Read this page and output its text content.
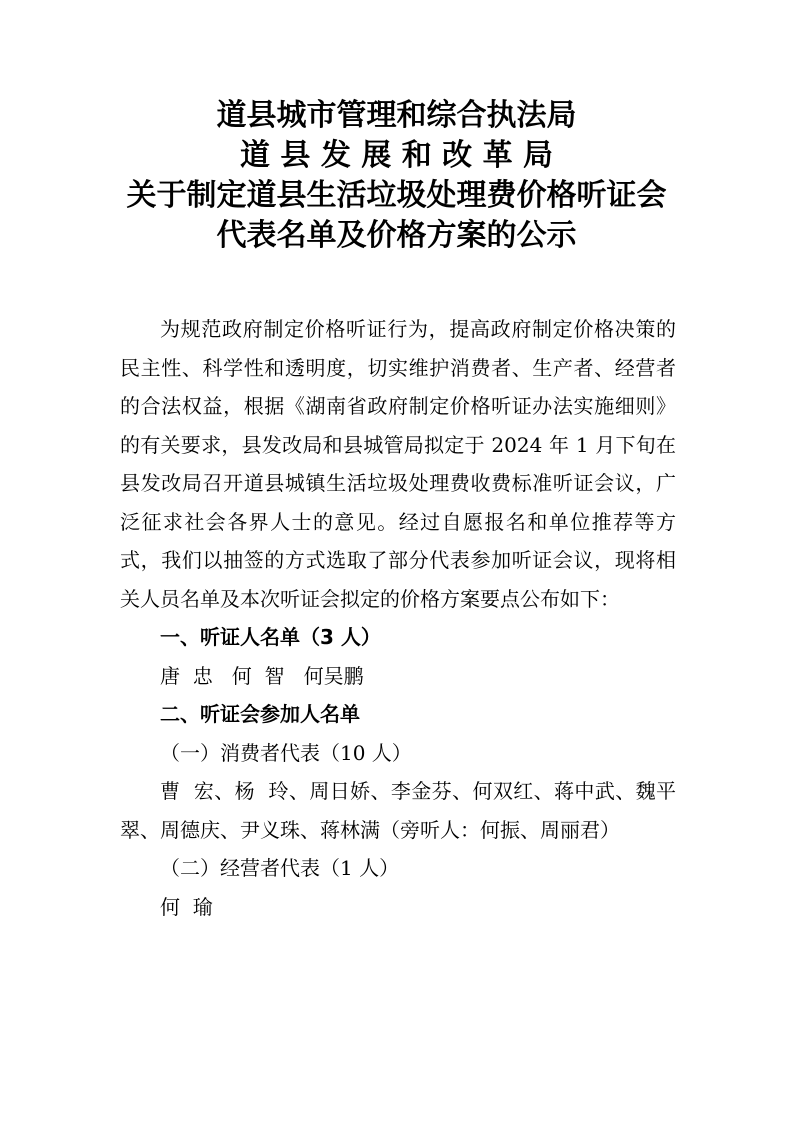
道县城市管理和综合执法局
道 县 发 展 和 改 革 局
关于制定道县生活垃圾处理费价格听证会
代表名单及价格方案的公示

为规范政府制定价格听证行为，提高政府制定价格决策的民主性、科学性和透明度，切实维护消费者、生产者、经营者的合法权益，根据《湖南省政府制定价格听证办法实施细则》的有关要求，县发改局和县城管局拟定于 2024 年 1 月下旬在县发改局召开道县城镇生活垃圾处理费收费标准听证会议，广泛征求社会各界人士的意见。经过自愿报名和单位推荐等方式，我们以抽签的方式选取了部分代表参加听证会议，现将相关人员名单及本次听证会拟定的价格方案要点公布如下：

一、听证人名单（3 人）

唐  忠   何  智   何吴鹏

二、听证会参加人名单

（一）消费者代表（10 人）

曹  宏、杨  玲、周日娇、李金芬、何双红、蒋中武、魏平翠、周德庆、尹义珠、蒋林满（旁听人：何振、周丽君）

（二）经营者代表（1 人）

何  瑜
